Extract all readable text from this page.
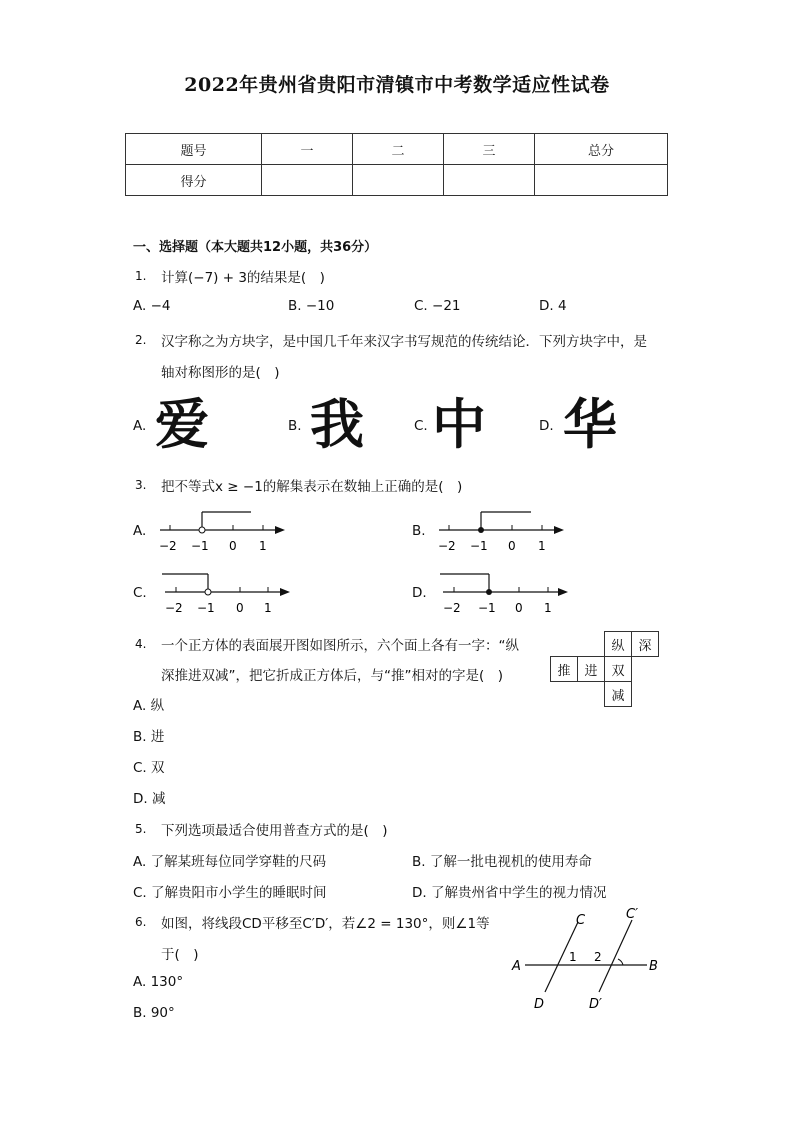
2022年贵州省贵阳市清镇市中考数学适应性试卷
题号	一	二	三	总分
得分				
一、选择题（本大题共12小题，共36分）
1. 计算(−7) + 3的结果是( )
A. −4	B. −10	C. −21	D. 4
2. 汉字称之为方块字，是中国几千年来汉字书写规范的传统结论．下列方块字中，是
轴对称图形的是( )
A. 爱	B. 我	C. 中	D. 华
3. 把不等式x ≥ −1的解集表示在数轴上正确的是( )
A.
−2 −1 0 1
B.
−2 −1 0 1
C.
−2 −1 0 1
D.
−2 −1 0 1
4. 一个正方体的表面展开图如图所示，六个面上各有一字：“纵
深推进双减”，把它折成正方体后，与“推”相对的字是( )
A. 纵
B. 进
C. 双
D. 减
		纵	深
推	进	双	
		减	
5. 下列选项最适合使用普查方式的是( )
A. 了解某班每位同学穿鞋的尺码	B. 了解一批电视机的使用寿命
C. 了解贵阳市小学生的睡眠时间	D. 了解贵州省中学生的视力情况
6. 如图，将线段CD平移至C′D′，若∠2 = 130°，则∠1等
于( )
A. 130°
B. 90°
A	B
C	C′
D	D′
1 2
